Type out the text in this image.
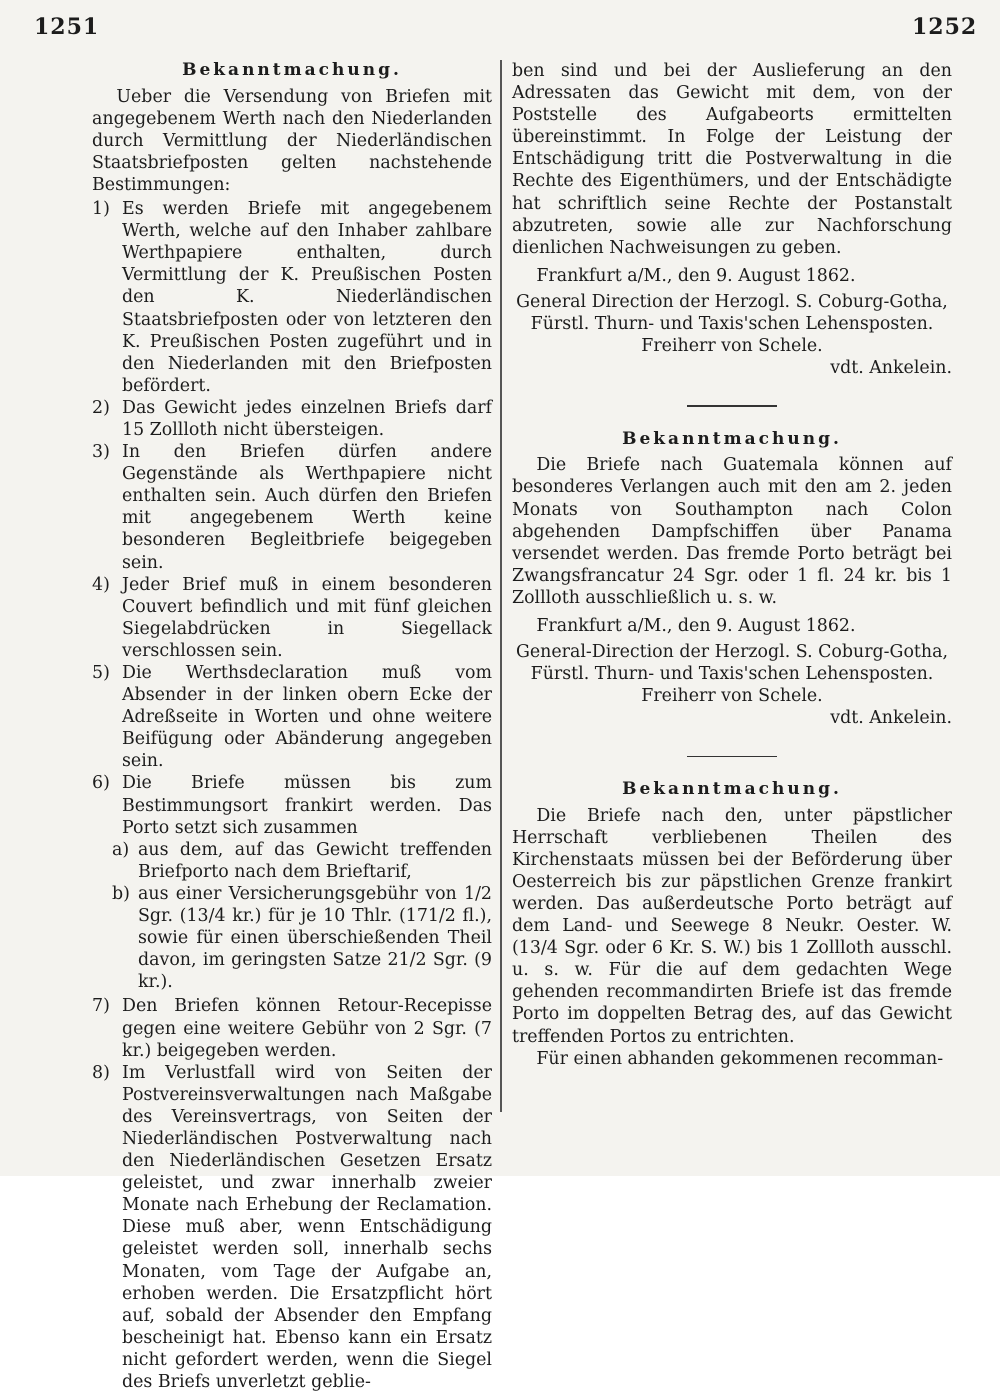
1251	1252
Bekanntmachung.

Ueber die Versendung von Briefen mit angegebenem Werth nach den Niederlanden durch Vermittlung der Niederländischen Staatsbriefposten gelten nachstehende Bestimmungen:

1) Es werden Briefe mit angegebenem Werth, welche auf den Inhaber zahlbare Werthpapiere enthalten, durch Vermittlung der K. Preußischen Posten den K. Niederländischen Staatsbriefposten oder von letzteren den K. Preußischen Posten zugeführt und in den Niederlanden mit den Briefposten befördert.
2) Das Gewicht jedes einzelnen Briefs darf 15 Zollloth nicht übersteigen.
3) In den Briefen dürfen andere Gegenstände als Werthpapiere nicht enthalten sein. Auch dürfen den Briefen mit angegebenem Werth keine besonderen Begleitbriefe beigegeben sein.
4) Jeder Brief muß in einem besonderen Couvert befindlich und mit fünf gleichen Siegelabdrücken in Siegellack verschlossen sein.
5) Die Werthsdeclaration muß vom Absender in der linken obern Ecke der Adreßseite in Worten und ohne weitere Beifügung oder Abänderung angegeben sein.
6) Die Briefe müssen bis zum Bestimmungsort frankirt werden. Das Porto setzt sich zusammen
a) aus dem, auf das Gewicht treffenden Briefporto nach dem Brieftarif,
b) aus einer Versicherungsgebühr von 1/2 Sgr. (13/4 kr.) für je 10 Thlr. (171/2 fl.), sowie für einen überschießenden Theil davon, im geringsten Satze 21/2 Sgr. (9 kr.).
7) Den Briefen können Retour-Recepisse gegen eine weitere Gebühr von 2 Sgr. (7 kr.) beigegeben werden.
8) Im Verlustfall wird von Seiten der Postvereinsverwaltungen nach Maßgabe des Vereinsvertrags, von Seiten der Niederländischen Postverwaltung nach den Niederländischen Gesetzen Ersatz geleistet, und zwar innerhalb zweier Monate nach Erhebung der Reclamation. Diese muß aber, wenn Entschädigung geleistet werden soll, innerhalb sechs Monaten, vom Tage der Aufgabe an, erhoben werden. Die Ersatzpflicht hört auf, sobald der Absender den Empfang bescheinigt hat. Ebenso kann ein Ersatz nicht gefordert werden, wenn die Siegel des Briefs unverletzt geblie-

ben sind und bei der Auslieferung an den Adressaten das Gewicht mit dem, von der Poststelle des Aufgabeorts ermittelten übereinstimmt. In Folge der Leistung der Entschädigung tritt die Postverwaltung in die Rechte des Eigenthümers, und der Entschädigte hat schriftlich seine Rechte der Postanstalt abzutreten, sowie alle zur Nachforschung dienlichen Nachweisungen zu geben.

Frankfurt a/M., den 9. August 1862.

General Direction der Herzogl. S. Coburg-Gotha, Fürstl. Thurn- und Taxis'schen Lehensposten.

Freiherr von Schele.

vdt. Ankelein.

Bekanntmachung.

Die Briefe nach Guatemala können auf besonderes Verlangen auch mit den am 2. jeden Monats von Southampton nach Colon abgehenden Dampfschiffen über Panama versendet werden. Das fremde Porto beträgt bei Zwangsfrancatur 24 Sgr. oder 1 fl. 24 kr. bis 1 Zollloth ausschließlich u. s. w.

Frankfurt a/M., den 9. August 1862.

General-Direction der Herzogl. S. Coburg-Gotha, Fürstl. Thurn- und Taxis'schen Lehensposten.

Freiherr von Schele.

vdt. Ankelein.

Bekanntmachung.

Die Briefe nach den, unter päpstlicher Herrschaft verbliebenen Theilen des Kirchenstaats müssen bei der Beförderung über Oesterreich bis zur päpstlichen Grenze frankirt werden. Das außerdeutsche Porto beträgt auf dem Land- und Seewege 8 Neukr. Oester. W. (13/4 Sgr. oder 6 Kr. S. W.) bis 1 Zollloth ausschl. u. s. w. Für die auf dem gedachten Wege gehenden recommandirten Briefe ist das fremde Porto im doppelten Betrag des, auf das Gewicht treffenden Portos zu entrichten.

Für einen abhanden gekommenen recomman-
